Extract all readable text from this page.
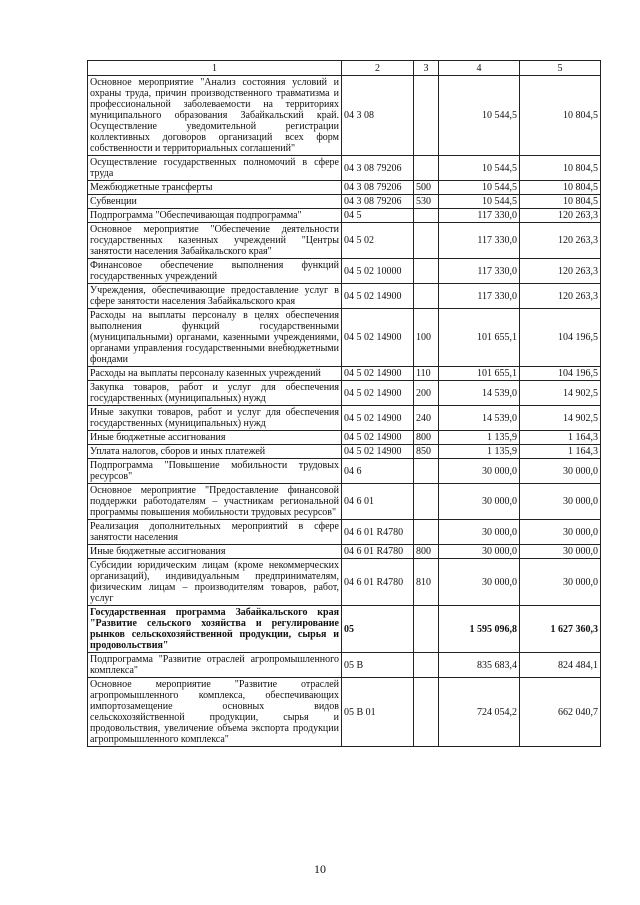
1	2	3	4	5
Основное мероприятие "Анализ состояния условий и охраны труда, причин производственного травматизма и профессиональной заболеваемости на территориях муниципального образования Забайкальский край. Осуществление уведомительной регистрации коллективных договоров организаций всех форм собственности и территориальных соглашений"	04 3 08		10 544,5	10 804,5
Осуществление государственных полномочий в сфере труда	04 3 08 79206		10 544,5	10 804,5
Межбюджетные трансферты	04 3 08 79206	500	10 544,5	10 804,5
Субвенции	04 3 08 79206	530	10 544,5	10 804,5
Подпрограмма "Обеспечивающая подпрограмма"	04 5		117 330,0	120 263,3
Основное мероприятие "Обеспечение деятельности государственных казенных учреждений "Центры занятости населения Забайкальского края"	04 5 02		117 330,0	120 263,3
Финансовое обеспечение выполнения функций государственных учреждений	04 5 02 10000		117 330,0	120 263,3
Учреждения, обеспечивающие предоставление услуг в сфере занятости населения Забайкальского края	04 5 02 14900		117 330,0	120 263,3
Расходы на выплаты персоналу в целях обеспечения выполнения функций государственными (муниципальными) органами, казенными учреждениями, органами управления государственными внебюджетными фондами	04 5 02 14900	100	101 655,1	104 196,5
Расходы на выплаты персоналу казенных учреждений	04 5 02 14900	110	101 655,1	104 196,5
Закупка товаров, работ и услуг для обеспечения государственных (муниципальных) нужд	04 5 02 14900	200	14 539,0	14 902,5
Иные закупки товаров, работ и услуг для обеспечения государственных (муниципальных) нужд	04 5 02 14900	240	14 539,0	14 902,5
Иные бюджетные ассигнования	04 5 02 14900	800	1 135,9	1 164,3
Уплата налогов, сборов и иных платежей	04 5 02 14900	850	1 135,9	1 164,3
Подпрограмма "Повышение мобильности трудовых ресурсов"	04 6		30 000,0	30 000,0
Основное мероприятие "Предоставление финансовой поддержки работодателям – участникам региональной программы повышения мобильности трудовых ресурсов"	04 6 01		30 000,0	30 000,0
Реализация дополнительных мероприятий в сфере занятости населения	04 6 01 R4780		30 000,0	30 000,0
Иные бюджетные ассигнования	04 6 01 R4780	800	30 000,0	30 000,0
Субсидии юридическим лицам (кроме некоммерческих организаций), индивидуальным предпринимателям, физическим лицам – производителям товаров, работ, услуг	04 6 01 R4780	810	30 000,0	30 000,0
Государственная программа Забайкальского края "Развитие сельского хозяйства и регулирование рынков сельскохозяйственной продукции, сырья и продовольствия"	05		1 595 096,8	1 627 360,3
Подпрограмма "Развитие отраслей агропромышленного комплекса"	05 В		835 683,4	824 484,1
Основное мероприятие "Развитие отраслей агропромышленного комплекса, обеспечивающих импортозамещение основных видов сельскохозяйственной продукции, сырья и продовольствия, увеличение объема экспорта продукции агропромышленного комплекса"	05 В 01		724 054,2	662 040,7
10
